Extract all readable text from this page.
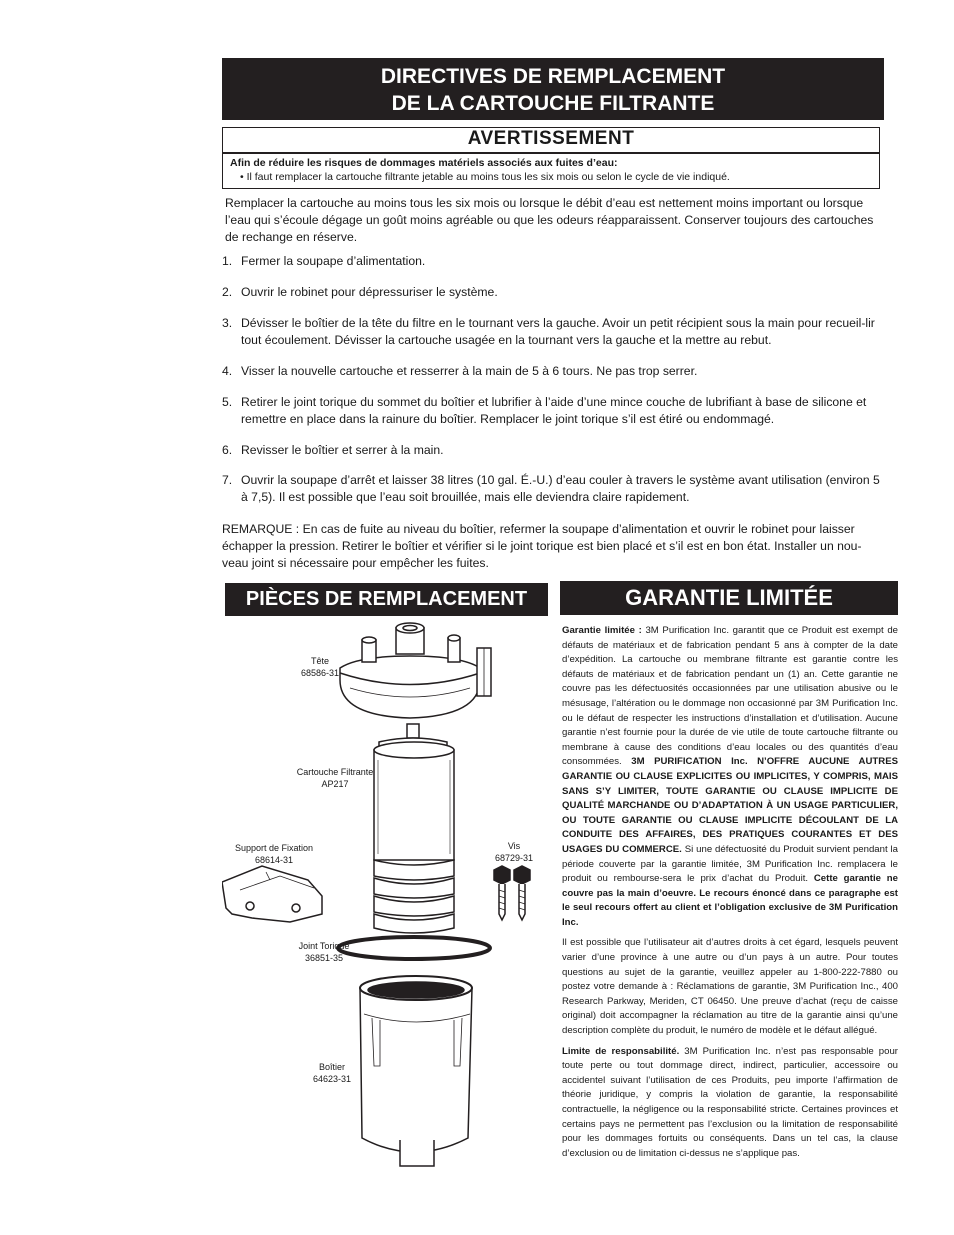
DIRECTIVES DE REMPLACEMENT
DE LA CARTOUCHE FILTRANTE
AVERTISSEMENT
Afin de réduire les risques de dommages matériels associés aux fuites d’eau:
• Il faut remplacer la cartouche filtrante jetable au moins tous les six mois ou selon le cycle de vie indiqué.
Remplacer la cartouche au moins tous les six mois ou lorsque le débit d’eau est nettement moins important ou lorsque l’eau qui s’écoule dégage un goût moins agréable ou que les odeurs réapparaissent. Conserver toujours des cartouches de rechange en réserve.
1. Fermer la soupape d’alimentation.
2. Ouvrir le robinet pour dépressuriser le système.
3. Dévisser le boîtier de la tête du filtre en le tournant vers la gauche. Avoir un petit récipient sous la main pour recueil-lir tout écoulement. Dévisser la cartouche usagée en la tournant vers la gauche et la mettre au rebut.
4. Visser la nouvelle cartouche et resserrer à la main de 5 à 6 tours. Ne pas trop serrer.
5. Retirer le joint torique du sommet du boîtier et lubrifier à l’aide d’une mince couche de lubrifiant à base de silicone et remettre en place dans la rainure du boîtier. Remplacer le joint torique s’il est étiré ou endommagé.
6. Revisser le boîtier et serrer à la main.
7. Ouvrir la soupape d’arrêt et laisser 38 litres (10 gal. É.-U.) d’eau couler à travers le système avant utilisation (environ 5 à 7,5). Il est possible que l’eau soit brouillée, mais elle deviendra claire rapidement.
REMARQUE : En cas de fuite au niveau du boîtier, refermer la soupape d’alimentation et ouvrir le robinet pour laisser échapper la pression. Retirer le boîtier et vérifier si le joint torique est bien placé et s’il est en bon état. Installer un nou-veau joint si nécessaire pour empêcher les fuites.
PIÈCES DE REMPLACEMENT	GARANTIE LIMITÉE
Tête
68586-31
Cartouche Filtrante
AP217
Support de Fixation
68614-31
Vis
68729-31
Joint Torique
36851-35
Boîtier
64623-31

Garantie limitée : 3M Purification Inc. garantit que ce Produit est exempt de défauts de matériaux et de fabrication pendant 5 ans à compter de la date d’expédition. La cartouche ou membrane filtrante est garantie contre les défauts de matériaux et de fabrication pendant un (1) an. Cette garantie ne couvre pas les défectuosités occasionnées par une utilisation abusive ou le mésusage, l’altération ou le dommage non occasionné par 3M Purification Inc. ou le défaut de respecter les instructions d’installation et d’utilisation. Aucune garantie n’est fournie pour la durée de vie utile de toute cartouche filtrante ou membrane à cause des conditions d’eau locales ou des quantités d’eau consommées. 3M PURIFICATION Inc. N’OFFRE AUCUNE AUTRES GARANTIE OU CLAUSE EXPLICITES OU IMPLICITES, Y COMPRIS, MAIS SANS S’Y LIMITER, TOUTE GARANTIE OU CLAUSE IMPLICITE DE QUALITÉ MARCHANDE OU D’ADAPTATION À UN USAGE PARTICULIER, OU TOUTE GARANTIE OU CLAUSE IMPLICITE DÉCOULANT DE LA CONDUITE DES AFFAIRES, DES PRATIQUES COURANTES ET DES USAGES DU COMMERCE. Si une défectuosité du Produit survient pendant la période couverte par la garantie limitée, 3M Purification Inc. remplacera le produit ou rembourse-sera le prix d’achat du Produit. Cette garantie ne couvre pas la main d’oeuvre. Le recours énoncé dans ce paragraphe est le seul recours offert au client et l’obligation exclusive de 3M Purification Inc.

Il est possible que l’utilisateur ait d’autres droits à cet égard, lesquels peuvent varier d’une province à une autre ou d’un pays à un autre. Pour toutes questions au sujet de la garantie, veuillez appeler au 1-800-222-7880 ou postez votre demande à : Réclamations de garantie, 3M Purification Inc., 400 Research Parkway, Meriden, CT 06450. Une preuve d’achat (reçu de caisse original) doit accompagner la réclamation au titre de la garantie ainsi qu’une description complète du produit, le numéro de modèle et le défaut allégué.

Limite de responsabilité. 3M Purification Inc. n’est pas responsable pour toute perte ou tout dommage direct, indirect, particulier, accessoire ou accidentel suivant l’utilisation de ces Produits, peu importe l’affirmation de théorie juridique, y compris la violation de garantie, la responsabilité contractuelle, la négligence ou la responsabilité stricte. Certaines provinces et certains pays ne permettent pas l’exclusion ou la limitation de responsabilité pour les dommages fortuits ou conséquents. Dans un tel cas, la clause d’exclusion ou de limitation ci-dessus ne s’applique pas.
